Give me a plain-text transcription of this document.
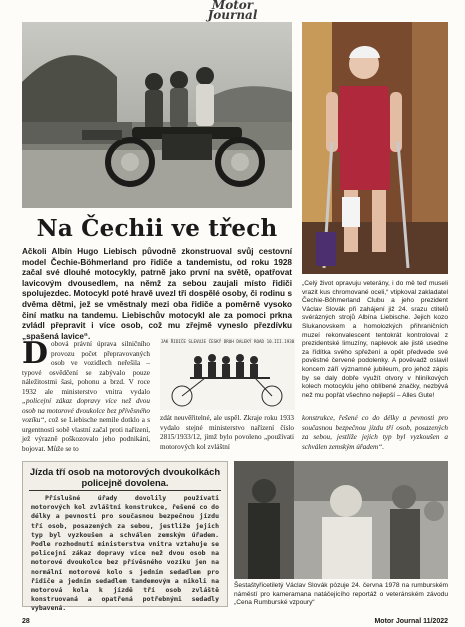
Motor
Journal
Na Čechii ve třech
Ačkoli Albín Hugo Liebisch původně zkonstruoval svůj cestovní model Čechie-Böhmerland pro řidiče a tandemistu, od roku 1928 začal své dlouhé motocykly, patrně jako první na světě, opatřovat lavicovým dvousedlem, na němž za sebou zaujali místo řidiči spolujezdec. Motocykl poté hravě uvezl tři dospělé osoby, či rodinu s dvěma dětmi, jež se vměstnaly mezi oba řidiče a poměrně vysoko činí matku na tandemu. Liebischův motocykl ale za pomoci prkna zvládl přepravit i více osob, což mu zřejmě vyneslo přezdívku „spašená lavice“.
„Celý život opravuju veterány, i do mě teď museli vrazit kus chromované oceli,“ vtipkoval zakladatel Čechie-Böhmerland Clubu a jeho prezident Václav Slovák při zahájení již 24. srazu ctitelů svérázných strojů Albína Liebische. Jejich kozo Slukanovskem a homolozkých přihraničních muzeí rekonvalescent tentokrát kontroloval z prezidentské limuzíny, naplevok ale jistě usedne za řídítka svého spřežení a opět předvede své pověstné červené podolenky. A pověvadž oslavil koncem září významné jubileum, pro jehož zápis by se daly dobře využít otvory v hliníkových kolech motocyklu jeho oblíbené značky, nezbývá než mu popřát všechno nejlepší – Alles Gute!
Dobová právní úprava silničního provozu počet přepravovaných osob ve vozidlech neřešila – typové osvědčení se zabývalo pouze náležitostmi šasi, pohonu a brzd. V roce 1932 ale ministerstvo vnitra vydalo „policejní zákaz dopravy více než dvou osob na motorové dvoukolce bez přívěsného vozíku“, což se Liebische nemile dotklo a s urgentností sobě vlastní začal proti nařízení, jež výrazně poškozovalo jeho podnikání, bojovat. Může se to
JAK ŘIDIČE SLEVUJE ČESKÝ DRUH DALEKÝ ROAD 10.III.1930
zdát neuvěřitelné, ale uspěl. Zkraje roku 1933 vydalo stejné ministerstvo nařízení číslo 2815/1933/12, jímž bylo povoleno „používati motorových kol zvláštní
konstrukce, řešené co do délky a pevnosti pro současnou bezpečnou jízdu tří osob, posazených za sebou, jestliže jejich typ byl vyzkoušen a schválen zemským úřadem“.
Jízda tří osob na motorových dvoukolkách policejně dovolena.
Příslušné úřady dovolily používati motorových kol zvláštní konstrukce, řešené co do délky a pevnosti pro současnou bezpečnou jízdu tří osob, posazených za sebou, jestliže jejich typ byl vyzkoušen a schválen zemským úřadem. Podle rozhodnutí ministerstva vnitra vztahuje se policejní zákaz dopravy více než dvou osob na motorové dvoukolce bez přívěsného vozíku jen na normální motorové kolo s jedním sedadlem pro řidiče a jedním sedadlem tandemovým a nikoli na motorová kola k jízdě tří osob zvláště konstruovaná a opatřená potřebnými sedadly vybavená.
Šestaštyřicetiletý Václav Slovák pózuje 24. června 1978 na rumburském náměstí pro kameramana natáčejícího reportáž o veteránském závodu „Cena Rumburské vzpoury“
28	Motor Journal 11/2022
